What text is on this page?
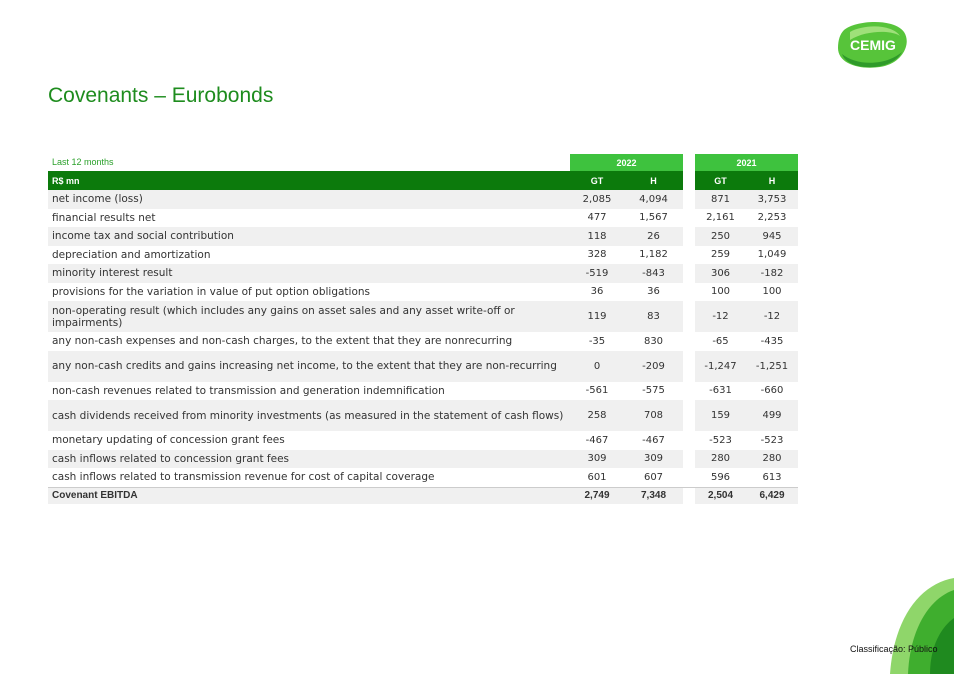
Covenants – Eurobonds
CEMIG
Classificação: Público
Last 12 months	2022	2021
R$ mn	GT	H	GT	H
net income (loss)	2,085	4,094	871	3,753
financial results net	477	1,567	2,161	2,253
income tax and social contribution	118	26	250	945
depreciation and amortization	328	1,182	259	1,049
minority interest result	-519	-843	306	-182
provisions for the variation in value of put option obligations	36	36	100	100
non-operating result (which includes any gains on asset sales and any asset write-off or impairments)	119	83	-12	-12
any non-cash expenses and non-cash charges, to the extent that they are nonrecurring	-35	830	-65	-435
any non-cash credits and gains increasing net income, to the extent that they are non-recurring	0	-209	-1,247	-1,251
non-cash revenues related to transmission and generation indemnification	-561	-575	-631	-660
cash dividends received from minority investments (as measured in the statement of cash flows)	258	708	159	499
monetary updating of concession grant fees	-467	-467	-523	-523
cash inflows related to concession grant fees	309	309	280	280
cash inflows related to transmission revenue for cost of capital coverage	601	607	596	613
Covenant EBITDA	2,749	7,348	2,504	6,429
